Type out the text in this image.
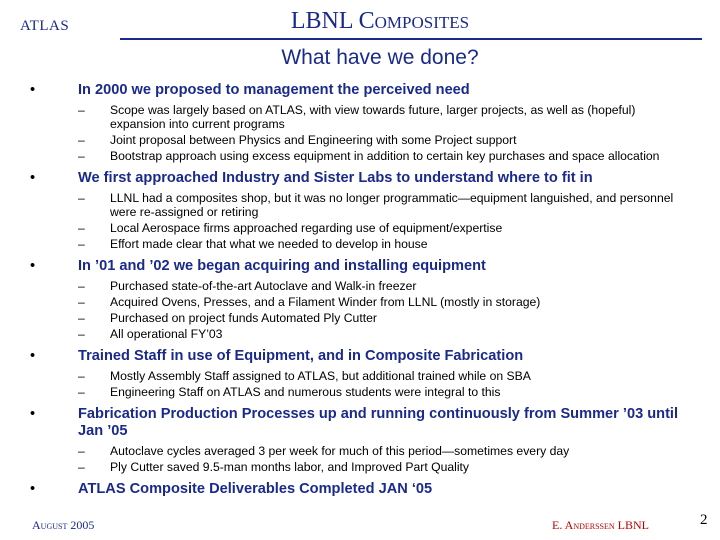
ATLAS	LBNL Composites
What have we done?
•	In 2000 we proposed to management the perceived need
– Scope was largely based on ATLAS, with view towards future, larger projects, as well as (hopeful) expansion into current programs
– Joint proposal between Physics and Engineering with some Project support
– Bootstrap approach using excess equipment in addition to certain key purchases and space allocation
•	We first approached Industry and Sister Labs to understand where to fit in
– LLNL had a composites shop, but it was no longer programmatic—equipment languished, and personnel were re-assigned or retiring
– Local Aerospace firms approached regarding use of equipment/expertise
– Effort made clear that what we needed to develop in house
•	In ’01 and ’02 we began acquiring and installing equipment
– Purchased state-of-the-art Autoclave and Walk-in freezer
– Acquired Ovens, Presses, and a Filament Winder from LLNL (mostly in storage)
– Purchased on project funds Automated Ply Cutter
– All operational FY’03
•	Trained Staff in use of Equipment, and in Composite Fabrication
– Mostly Assembly Staff assigned to ATLAS, but additional trained while on SBA
– Engineering Staff on ATLAS and numerous students were integral to this
•	Fabrication Production Processes up and running continuously from Summer ’03 until Jan ’05
– Autoclave cycles averaged 3 per week for much of this period—sometimes every day
– Ply Cutter saved 9.5-man months labor, and Improved Part Quality
•	ATLAS Composite Deliverables Completed JAN ‘05
August 2005	E. Anderssen LBNL	2
